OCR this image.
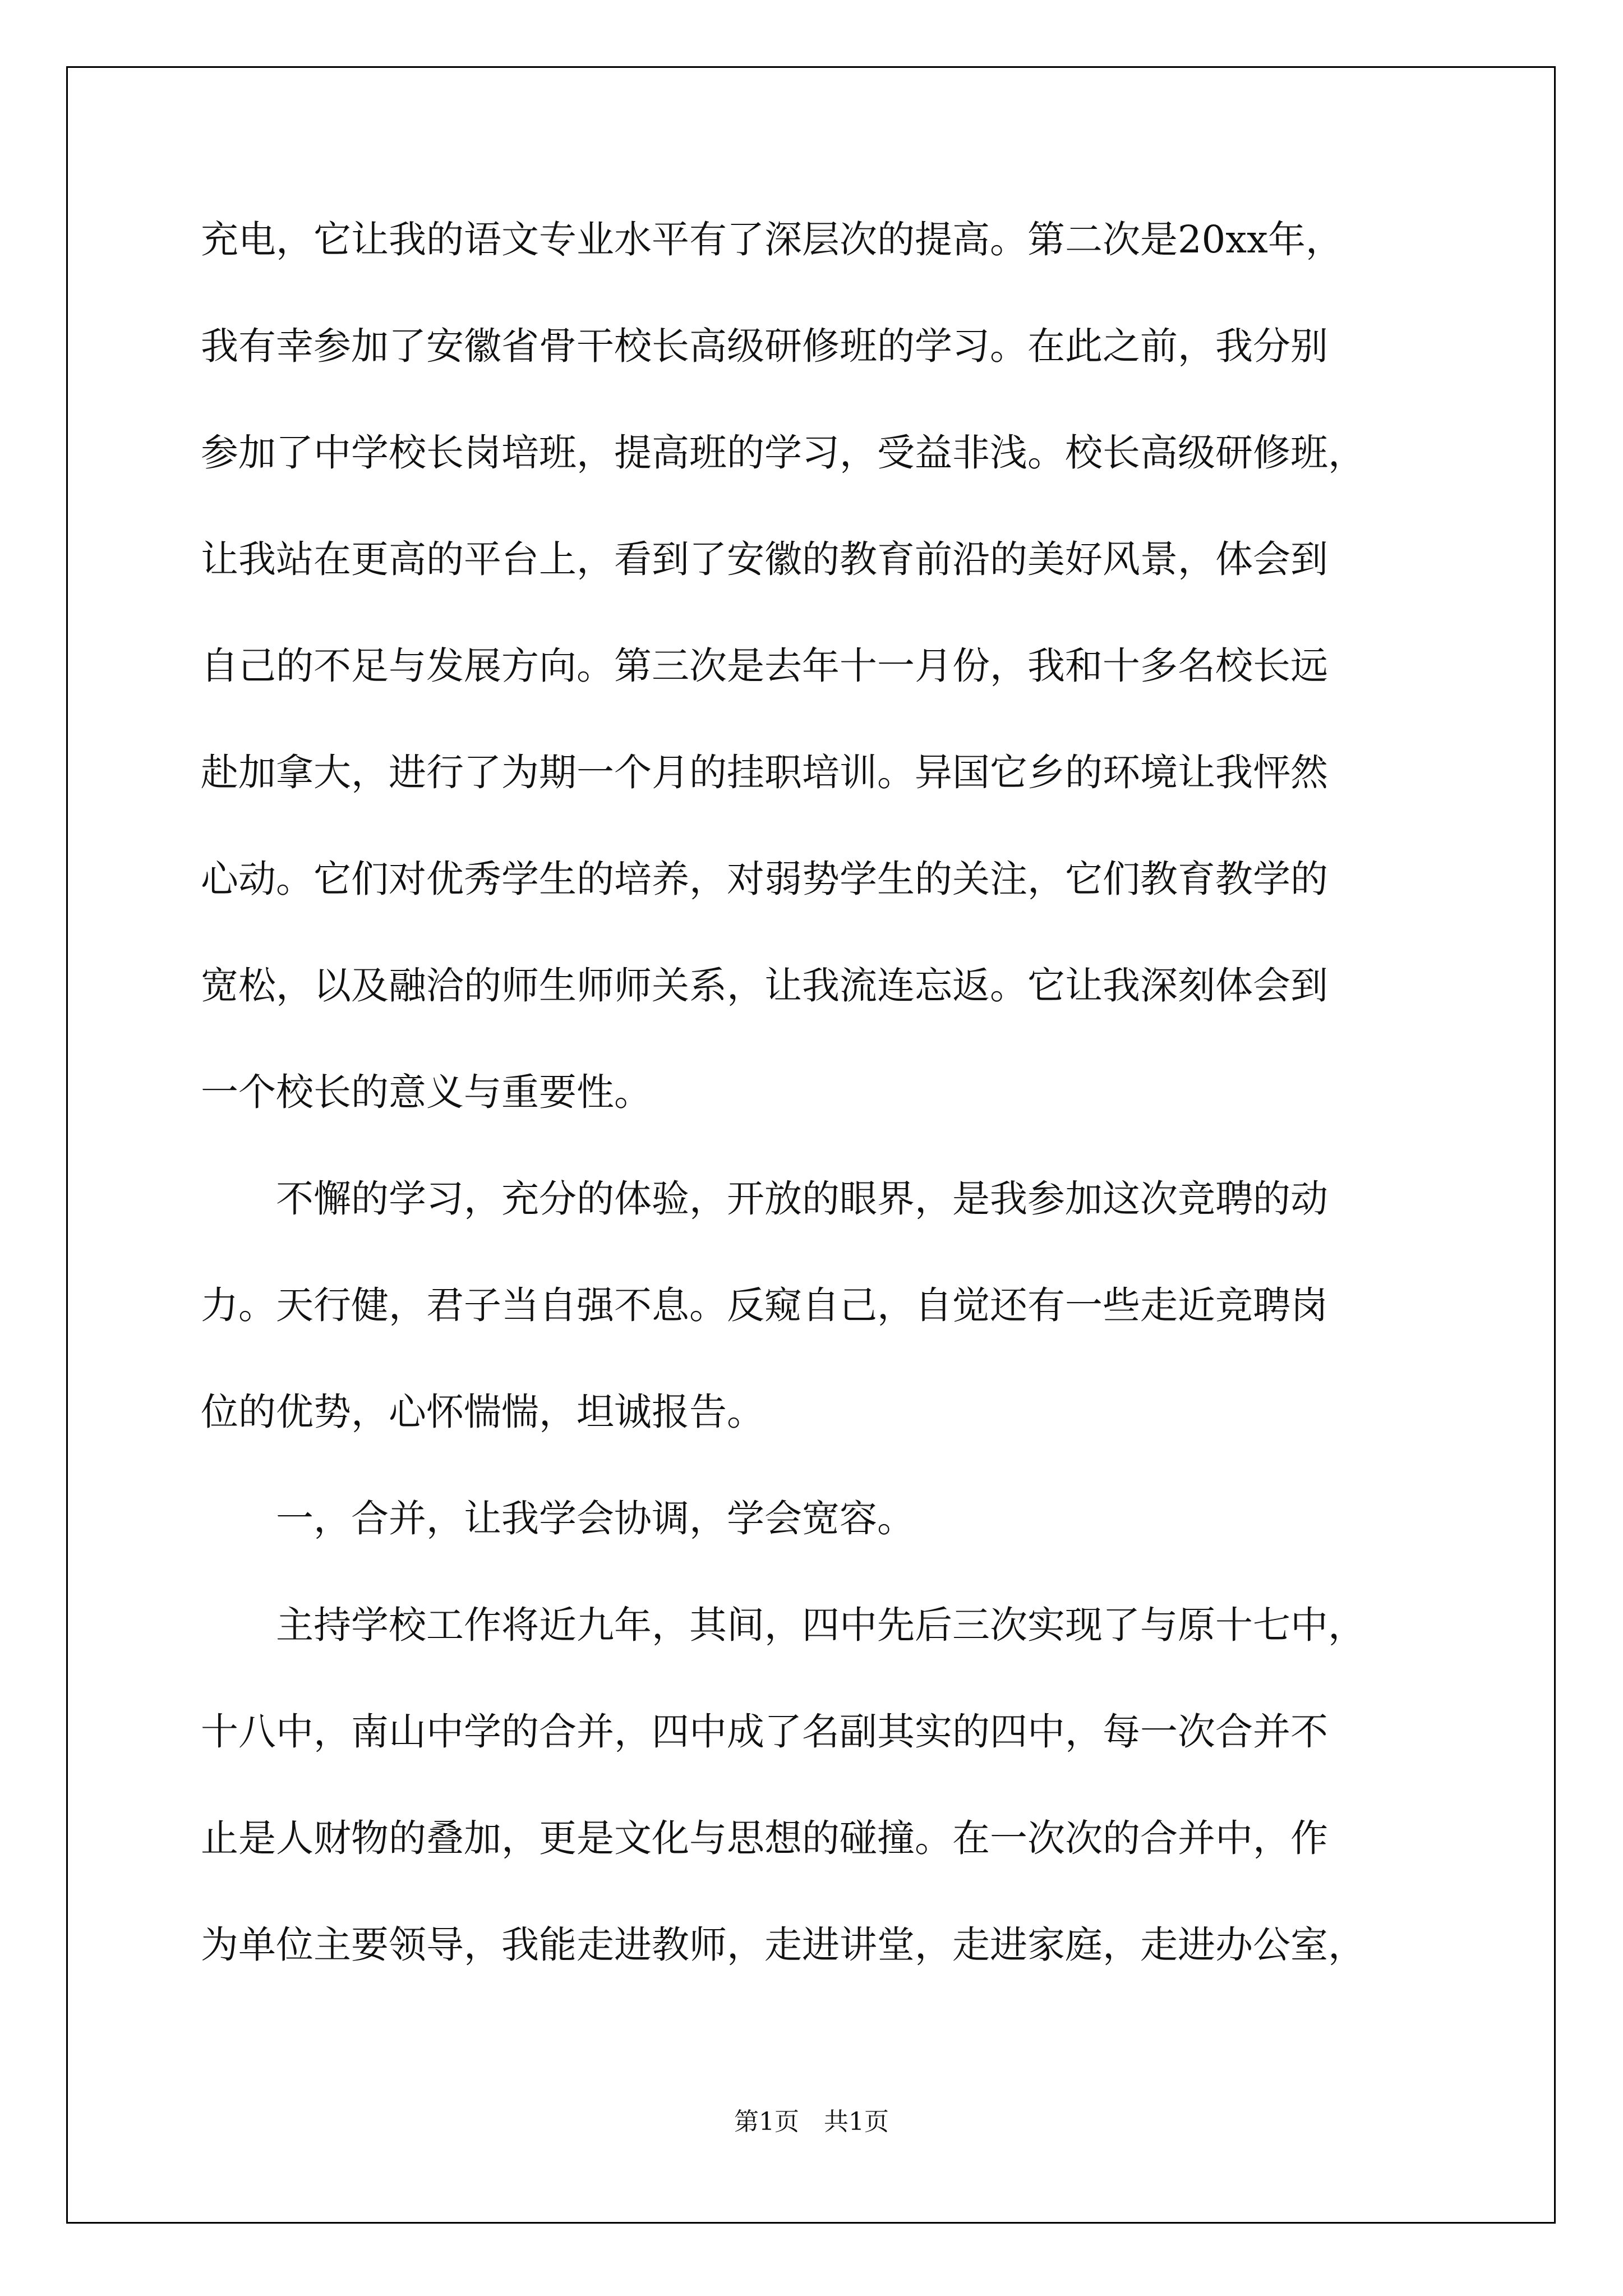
充电，它让我的语文专业水平有了深层次的提高。第二次是20xx年，
我有幸参加了安徽省骨干校长高级研修班的学习。在此之前，我分别
参加了中学校长岗培班，提高班的学习，受益非浅。校长高级研修班，
让我站在更高的平台上，看到了安徽的教育前沿的美好风景，体会到
自己的不足与发展方向。第三次是去年十一月份，我和十多名校长远
赴加拿大，进行了为期一个月的挂职培训。异国它乡的环境让我怦然
心动。它们对优秀学生的培养，对弱势学生的关注，它们教育教学的
宽松，以及融洽的师生师师关系，让我流连忘返。它让我深刻体会到
一个校长的意义与重要性。
不懈的学习，充分的体验，开放的眼界，是我参加这次竞聘的动
力。天行健，君子当自强不息。反窥自己，自觉还有一些走近竞聘岗
位的优势，心怀惴惴，坦诚报告。
一，合并，让我学会协调，学会宽容。
主持学校工作将近九年，其间，四中先后三次实现了与原十七中，
十八中，南山中学的合并，四中成了名副其实的四中，每一次合并不
止是人财物的叠加，更是文化与思想的碰撞。在一次次的合并中，作
为单位主要领导，我能走进教师，走进讲堂，走进家庭，走进办公室，
第1页 共1页
